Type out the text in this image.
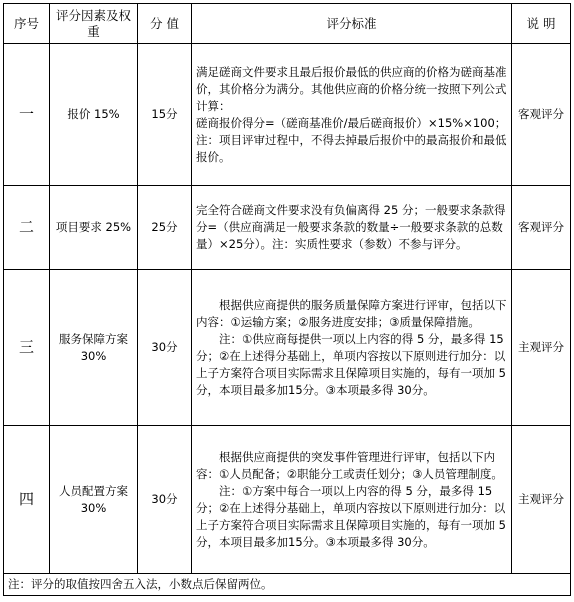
序号	评分因素及权重	分 值	评分标准	说 明
一	报价 15%	15分	满足磋商文件要求且最后报价最低的供应商的价格为磋商基准价，其价格分为满分。其他供应商的价格分统一按照下列公式计算：
磋商报价得分=（磋商基准价/最后磋商报价）×15%×100；
注：项目评审过程中，不得去掉最后报价中的最高报价和最低报价。	客观评分
二	项目要求 25%	25分	完全符合磋商文件要求没有负偏离得 25 分；一般要求条款得分=（供应商满足一般要求条款的数量÷一般要求条款的总数量）×25分）。注：实质性要求（参数）不参与评分。	客观评分
三	服务保障方案 30%	30分	根据供应商提供的服务质量保障方案进行评审，包括以下内容：①运输方案；②服务进度安排；③质量保障措施。
注：①供应商每提供一项以上内容的得 5 分，最多得 15 分；②在上述得分基础上，单项内容按以下原则进行加分：以上子方案符合项目实际需求且保障项目实施的，每有一项加 5 分，本项目最多加15分。③本项最多得 30分。	主观评分
四	人员配置方案 30%	30分	根据供应商提供的突发事件管理进行评审，包括以下内容：①人员配备；②职能分工或责任划分；③人员管理制度。
注：①方案中每合一项以上内容的得 5 分，最多得 15 分；②在上述得分基础上，单项内容按以下原则进行加分：以上子方案符合项目实际需求且保障项目实施的，每有一项加 5 分，本项目最多加15分。③本项最多得 30分。	主观评分
注：评分的取值按四舍五入法，小数点后保留两位。				
